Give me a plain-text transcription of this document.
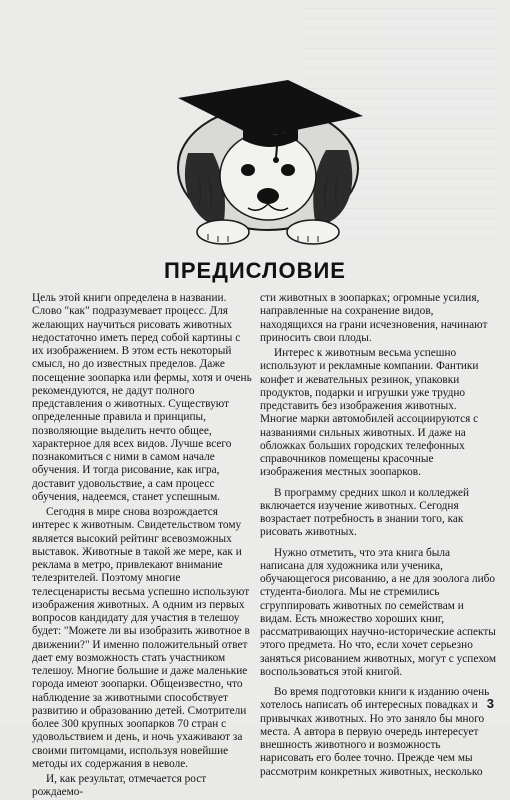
ПРЕДИСЛОВИЕ

Цель этой книги определена в названии. Слово "как" подразумевает процесс. Для желающих научиться рисовать животных недостаточно иметь перед собой картины с их изображением. В этом есть некоторый смысл, но до известных пределов. Даже посещение зоопарка или фермы, хотя и очень рекомендуются, не дадут полного представления о животных. Существуют определенные правила и принципы, позволяющие выделить нечто общее, характерное для всех видов. Лучше всего познакомиться с ними в самом начале обучения. И тогда рисование, как игра, доставит удовольствие, а сам процесс обучения, надеемся, станет успешным.

Сегодня в мире снова возрождается интерес к животным. Свидетельством тому является высокий рейтинг всевозможных выставок. Животные в такой же мере, как и реклама в метро, привлекают внимание телезрителей. Поэтому многие телесценаристы весьма успешно используют изображения животных. А одним из первых вопросов кандидату для участия в телешоу будет: "Можете ли вы изобразить животное в движении?" И именно положительный ответ дает ему возможность стать участником телешоу. Многие большие и даже маленькие города имеют зоопарки. Общеизвестно, что наблюдение за животными способствует развитию и образованию детей. Смотрители более 300 крупных зоопарков 70 стран с удовольствием и день, и ночь ухаживают за своими питомцами, используя новейшие методы их содержания в неволе.

И, как результат, отмечается рост рождаемо-

сти животных в зоопарках; огромные усилия, направленные на сохранение видов, находящихся на грани исчезновения, начинают приносить свои плоды.

Интерес к животным весьма успешно используют и рекламные компании. Фантики конфет и жевательных резинок, упаковки продуктов, подарки и игрушки уже трудно представить без изображения животных. Многие марки автомобилей ассоциируются с названиями сильных животных. И даже на обложках больших городских телефонных справочников помещены красочные изображения местных зоопарков.

В программу средних школ и колледжей включается изучение животных. Сегодня возрастает потребность в знании того, как рисовать животных.

Нужно отметить, что эта книга была написана для художника или ученика, обучающегося рисованию, а не для зоолога либо студента-биолога. Мы не стремились сгруппировать животных по семействам и видам. Есть множество хороших книг, рассматривающих научно-исторические аспекты этого предмета. Но что, если хочет серьезно заняться рисованием животных, могут с успехом воспользоваться этой книгой.

Во время подготовки книги к изданию очень хотелось написать об интересных повадках и привычках животных. Но это заняло бы много места. А автора в первую очередь интересует внешность животного и возможность нарисовать его более точно. Прежде чем мы рассмотрим конкретных животных, несколько

3
